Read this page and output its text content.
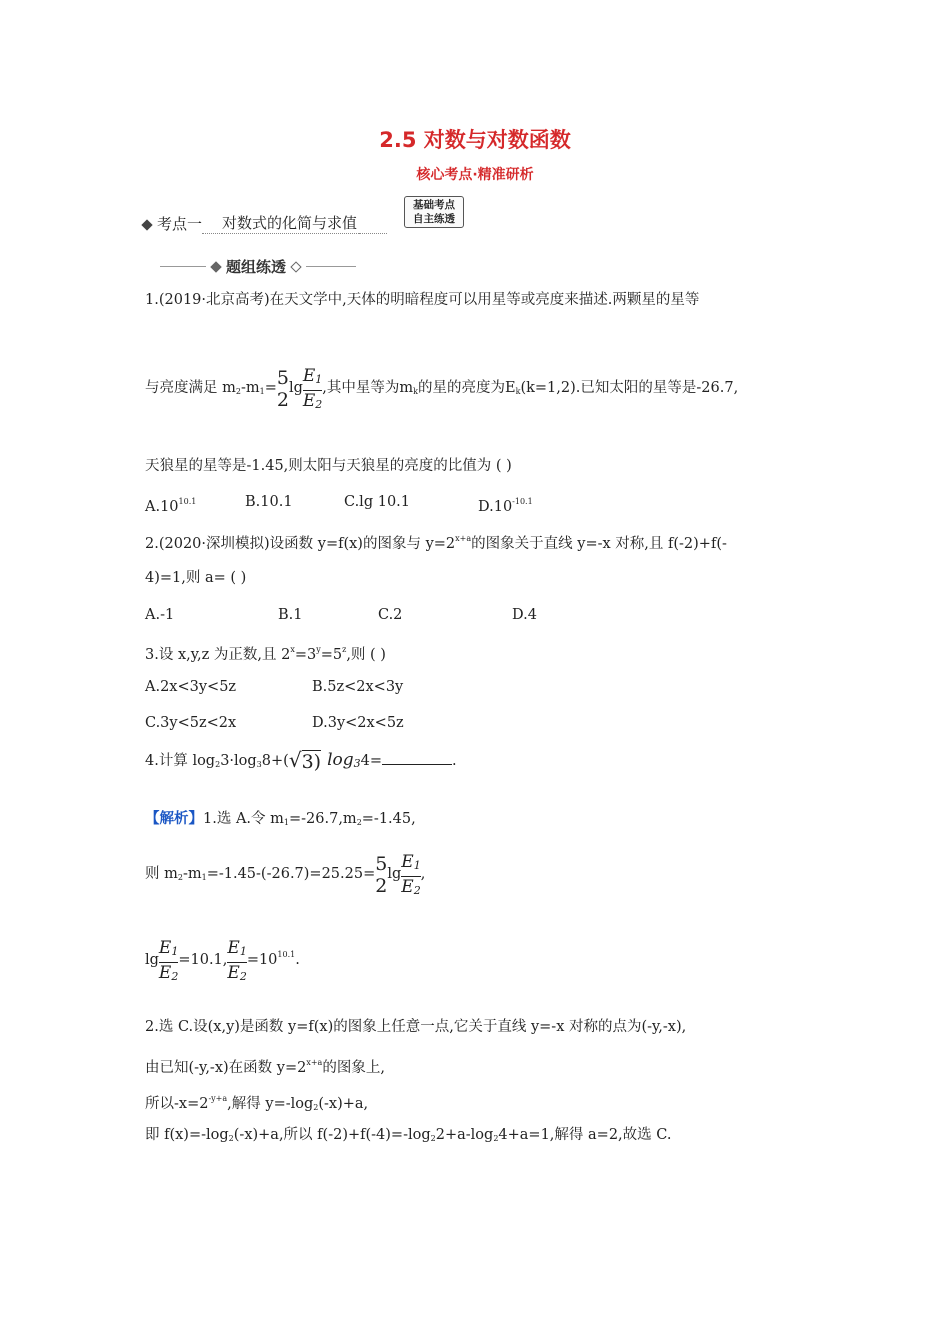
2.5 对数与对数函数
核心考点·精准研析
考点一 对数式的化简与求值
基础考点
自主练透
题组练透
1.(2019·北京高考)在天文学中,天体的明暗程度可以用星等或亮度来描述.两颗星的星等
与亮度满足 $m_2-m_1= 5$
2
$\lg \frac{E_1}{E_2}$ ,其中星等为$m_k$的星的亮度为$E_k(k=1,2)$.已知太阳的星等是-26.7,
天狼星的星等是-1.45,则太阳与天狼星的亮度的比值为 ( )
$A.10^{10.1}$	B.10.1	C.lg 10.1	$D.10^{-10.1}$
2.(2020·深圳模拟)设函数 y=f(x)的图象与 $y=2^{x+a}$的图象关于直线 y=-x 对称,且 f(-2)+f(-
4)=1,则 a= ( )
A.-1	B.1	C.2	D.4
3.设 x,y,z 为正数,且 $2^x=3^y=5^z$,则 ( )
A.2x<3y<5z	B.5z<2x<3y
C.3y<5z<2x	D.3y<2x<5z
4.计算 $\log_23\cdot\log_38+(√3)$ $\log_34=$	.
【解析】1.选 A.令 $m_1=-26.7,m_2=-1.45$,
则 $m_2-m_1=-1.45-(-26.7)=25.25= 5$
2
$\lg \frac{E_1}{E_2}$ ,
$\lg \frac{E_1}{E_2} =10.1$, $\frac{E_1}{E_2} =10^{10.1}$.
2.选 C.设(x,y)是函数 y=f(x)的图象上任意一点,它关于直线 y=-x 对称的点为(-y,-x),
由已知(-y,-x)在函数 $y=2^{x+a}$的图象上,
所以$-x=2^{-y+a}$,解得 $y=-\log_2(-x)+a$,
即 $f(x)=-\log_2(-x)+a$,所以 $f(-2)+f(-4)=-\log_22+a-\log_24+a=1$,解得 a=2,故选 C.
